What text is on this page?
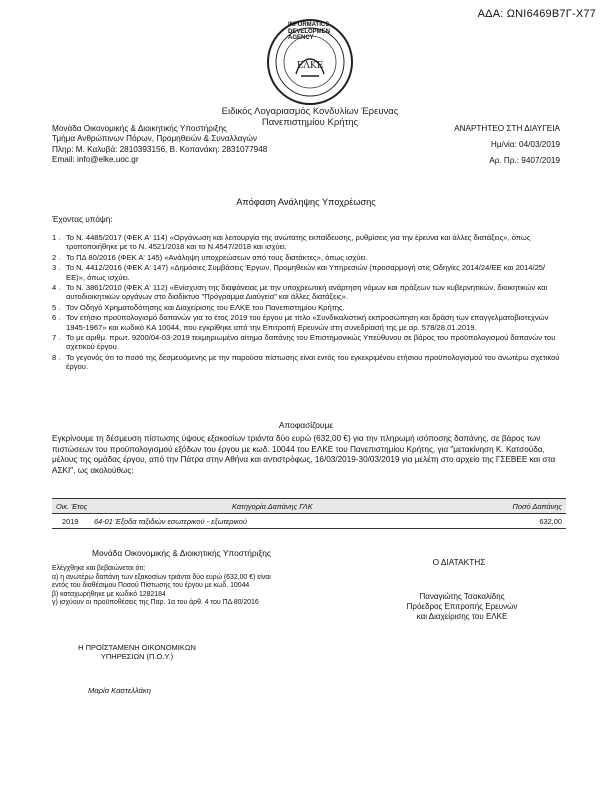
ΑΔΑ: ΩΝΙ6469Β7Γ-Χ77
ΕΛΚΕ
INFORMATICS
DEVELOPMEN
AGENCY
Ειδικός Λογαριασμός Κονδυλίων Έρευνας
Πανεπιστημίου Κρήτης
Μονάδα Οικονομικής & Διοικητικής Υποστήριξης
Τμήμα Ανθρώπινων Πόρων, Προμηθειών & Συναλλαγών
Πληρ: Μ. Καλυβά: 2810393156, Β. Κοπανάκη: 2831077948
Email: info@elke.uoc.gr
ΑΝΑΡΤΗΤΕΟ ΣΤΗ ΔΙΑΥΓΕΙΑ
Ημ/νία: 04/03/2019
Αρ. Πρ.: 9407/2019
Απόφαση Ανάληψης Υποχρέωσης
Έχοντας υπόψη:
1 . Το Ν. 4485/2017 (ΦΕΚ Α' 114) «Οργάνωση και λειτουργία της ανώτατης εκπαίδευσης, ρυθμίσεις για την έρευνα και άλλες διατάξεις», όπως τροποποιήθηκε με το Ν. 4521/2018 και το Ν.4547/2018 και ισχύει.
2 . Το ΠΔ 80/2016 (ΦΕΚ Α' 145) «Ανάληψη υποχρεώσεων από τους διατάκτες», όπως ισχύει.
3 . Το Ν. 4412/2016 (ΦΕΚ Α' 147) «Δημόσιες Συμβάσεις Έργων, Προμηθειών και Υπηρεσιών (προσαρμογή στις Οδηγίες 2014/24/ΕΕ και 2014/25/ΕΕ)», όπως ισχύει.
4 . Το Ν. 3861/2010 (ΦΕΚ Α' 112) «Ενίσχυση της διαφάνειας με την υποχρεωτική ανάρτηση νόμων και πράξεων των κυβερνητικών, διοικητικών και αυτοδιοικητικών οργάνων στο διαδίκτυο "Πρόγραμμα Διαύγεια" και άλλες διατάξεις».
5 . Τον Οδηγό Χρηματοδότησης και Διαχείρισης του ΕΛΚΕ του Πανεπιστημίου Κρήτης.
6 . Τον ετήσιο προϋπολογισμό δαπανών για το έτος 2019 του έργου με τίτλο «Συνδικαλιστική εκπροσώπηση και δράση των επαγγελματοβιοτεχνών 1945-1967» και κωδικό ΚΑ 10044, που εγκρίθηκε από την Επιτροπή Ερευνών στη συνεδρίασή της με αρ. 578/28.01.2019.
7 . Το με αριθμ. πρωτ. 9200/04-03-2019 τεκμηριωμένο αίτημα δαπάνης του Επιστημονικώς Υπεύθυνου σε βάρος του προϋπολογισμού δαπανών του σχετικού έργου.
8 . Το γεγονός ότι το ποσό της δεσμευόμενης με την παρούσα πίστωσης είναι εντός του εγκεκριμένου ετήσιου προϋπολογισμού του ανωτέρω σχετικού έργου.
Αποφασίζουμε
Εγκρίνουμε τη δέσμευση πίστωσης ύψους εξακοσίων τριάντα δύο ευρώ (632,00 €) για την πληρωμή ισόποσης δαπάνης, σε βάρος των πιστώσεων του προϋπολογισμού εξόδων του έργου με κωδ. 10044 του ΕΛΚΕ του Πανεπιστημίου Κρήτης, για "μετακίνηση Κ. Κατσούδα, μέλους της ομάδας έργου, από την Πάτρα στην Αθήνα και αντιστρόφως, 16/03/2019-30/03/2019 για μελέτη στο αρχείο της ΓΣΕΒΕΕ και στα ΑΣΚΙ", ως ακολούθως:
Οικ. Έτος	Κατηγορία Δαπάνης ΓΛΚ	Ποσό Δαπάνης
2019 64-01 Έξοδα ταξιδιών εσωτερικού - εξωτερικού	632,00
Μονάδα Οικονομικής & Διοικητικής Υποστήριξης
Ελέγχθηκε και βεβαιώνεται ότι:
α) η ανωτέρω δαπάνη των εξακοσίων τριάντα δύο ευρώ (632,00 €) είναι
εντός του διαθέσιμου Ποσού Πίστωσης του έργου με κωδ. 10044
β) καταχωρήθηκε με κωδικό 1282184
γ) ισχύουν οι προϋποθέσεις της Παρ. 1α του άρθ. 4 του ΠΔ 80/2016
Ο ΔΙΑΤΑΚΤΗΣ
Παναγιώτης Τσακαλίδης
Πρόεδρος Επιτροπής Ερευνών
και Διαχείρισης του ΕΛΚΕ
Η ΠΡΟΪΣΤΑΜΕΝΗ ΟΙΚΟΝΟΜΙΚΩΝ
ΥΠΗΡΕΣΙΩΝ (Π.Ο.Υ.)
Μαρία Καστελλάκη
